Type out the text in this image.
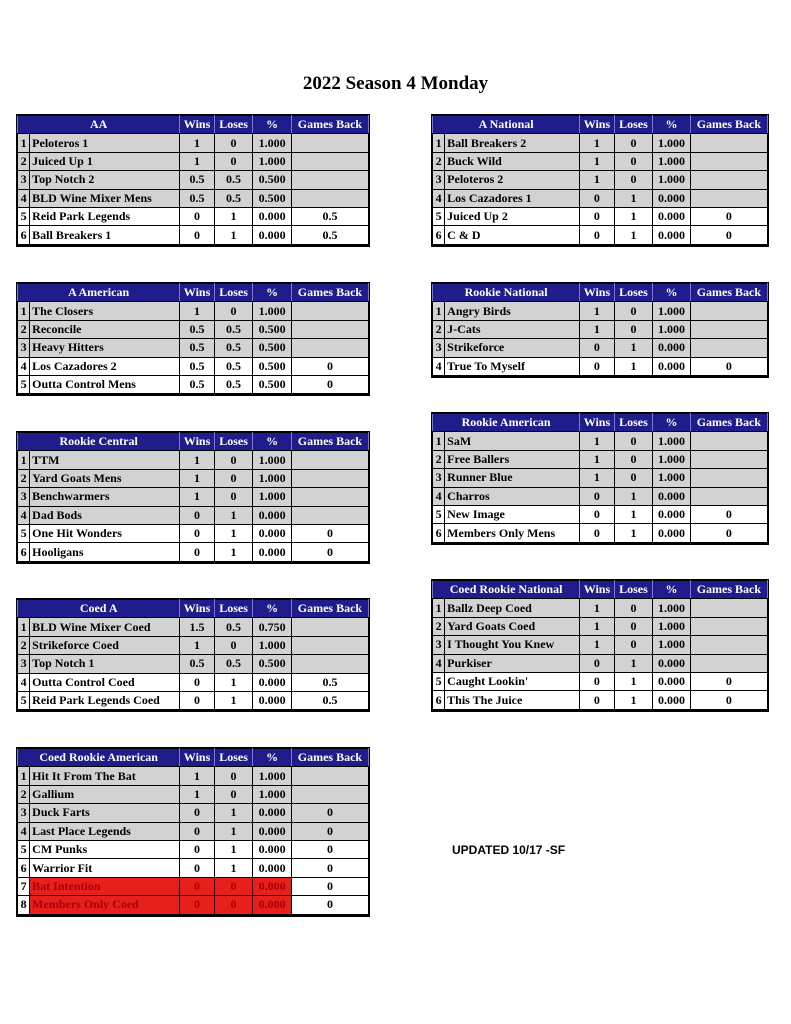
2022 Season 4 Monday
AA		Wins	Loses	%	Games Back
1	Peloteros 1	1	0	1.000	
2	Juiced Up 1	1	0	1.000	
3	Top Notch 2	0.5	0.5	0.500	
4	BLD Wine Mixer Mens	0.5	0.5	0.500	
5	Reid Park Legends	0	1	0.000	0.5
6	Ball Breakers 1	0	1	0.000	0.5
A American		Wins	Loses	%	Games Back
1	The Closers	1	0	1.000	
2	Reconcile	0.5	0.5	0.500	
3	Heavy Hitters	0.5	0.5	0.500	
4	Los Cazadores 2	0.5	0.5	0.500	0
5	Outta Control Mens	0.5	0.5	0.500	0
Rookie Central		Wins	Loses	%	Games Back
1	TTM	1	0	1.000	
2	Yard Goats Mens	1	0	1.000	
3	Benchwarmers	1	0	1.000	
4	Dad Bods	0	1	0.000	
5	One Hit Wonders	0	1	0.000	0
6	Hooligans	0	1	0.000	0
Coed A		Wins	Loses	%	Games Back
1	BLD Wine Mixer Coed	1.5	0.5	0.750	
2	Strikeforce Coed	1	0	1.000	
3	Top Notch 1	0.5	0.5	0.500	
4	Outta Control Coed	0	1	0.000	0.5
5	Reid Park Legends Coed	0	1	0.000	0.5
Coed Rookie American		Wins	Loses	%	Games Back
1	Hit It From The Bat	1	0	1.000	
2	Gallium	1	0	1.000	
3	Duck Farts	0	1	0.000	0
4	Last Place Legends	0	1	0.000	0
5	CM Punks	0	1	0.000	0
6	Warrior Fit	0	1	0.000	0
7	Bat Intention	0	0	0.000	0
8	Members Only Coed	0	0	0.000	0
A National		Wins	Loses	%	Games Back
1	Ball Breakers 2	1	0	1.000	
2	Buck Wild	1	0	1.000	
3	Peloteros 2	1	0	1.000	
4	Los Cazadores 1	0	1	0.000	
5	Juiced Up 2	0	1	0.000	0
6	C & D	0	1	0.000	0
Rookie National		Wins	Loses	%	Games Back
1	Angry Birds	1	0	1.000	
2	J-Cats	1	0	1.000	
3	Strikeforce	0	1	0.000	
4	True To Myself	0	1	0.000	0
Rookie American		Wins	Loses	%	Games Back
1	SaM	1	0	1.000	
2	Free Ballers	1	0	1.000	
3	Runner Blue	1	0	1.000	
4	Charros	0	1	0.000	
5	New Image	0	1	0.000	0
6	Members Only Mens	0	1	0.000	0
Coed Rookie National		Wins	Loses	%	Games Back
1	Ballz Deep Coed	1	0	1.000	
2	Yard Goats Coed	1	0	1.000	
3	I Thought You Knew	1	0	1.000	
4	Purkiser	0	1	0.000	
5	Caught Lookin'	0	1	0.000	0
6	This The Juice	0	1	0.000	0
UPDATED 10/17 -SF
